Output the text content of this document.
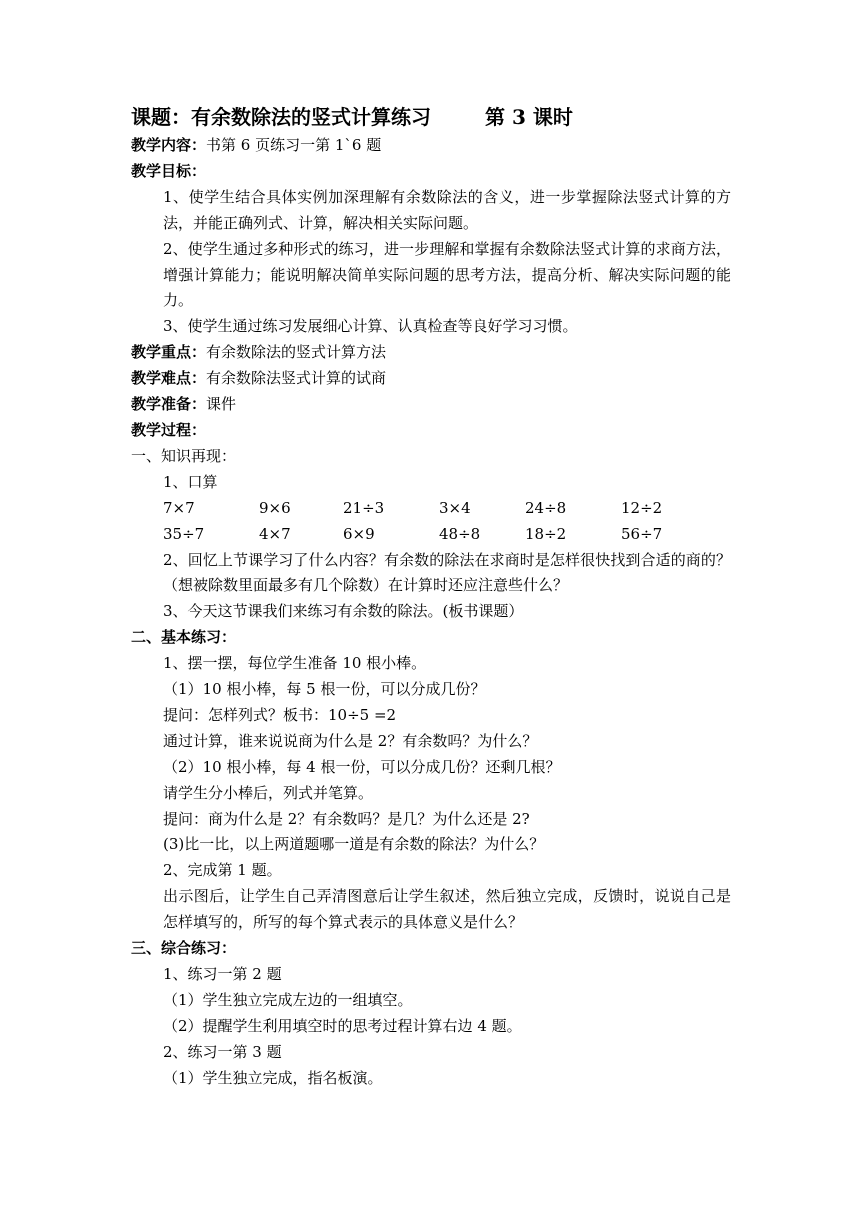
课题：有余数除法的竖式计算练习	第 3 课时
教学内容：书第 6 页练习一第 1`6 题
教学目标：
1、使学生结合具体实例加深理解有余数除法的含义，进一步掌握除法竖式计算的方法，并能正确列式、计算，解决相关实际问题。
2、使学生通过多种形式的练习，进一步理解和掌握有余数除法竖式计算的求商方法，增强计算能力；能说明解决简单实际问题的思考方法，提高分析、解决实际问题的能力。
3、使学生通过练习发展细心计算、认真检查等良好学习习惯。
教学重点：有余数除法的竖式计算方法
教学难点：有余数除法竖式计算的试商
教学准备：课件
教学过程：
一、知识再现：
1、口算
7×7	9×6	21÷3	3×4	24÷8	12÷2
35÷7	4×7	6×9	48÷8	18÷2	56÷7
2、回忆上节课学习了什么内容？有余数的除法在求商时是怎样很快找到合适的商的？（想被除数里面最多有几个除数）在计算时还应注意些什么？
3、今天这节课我们来练习有余数的除法。(板书课题）
二、基本练习：
1、摆一摆，每位学生准备 10 根小棒。
（1）10 根小棒，每 5 根一份，可以分成几份？
提问：怎样列式？板书：10÷5 =2
通过计算，谁来说说商为什么是 2？有余数吗？为什么？
（2）10 根小棒，每 4 根一份，可以分成几份？还剩几根？
请学生分小棒后，列式并笔算。
提问：商为什么是 2？有余数吗？是几？为什么还是 2?
(3)比一比，以上两道题哪一道是有余数的除法？为什么？
2、完成第 1 题。
出示图后，让学生自己弄清图意后让学生叙述，然后独立完成，反馈时，说说自己是怎样填写的，所写的每个算式表示的具体意义是什么？
三、综合练习：
1、练习一第 2 题
（1）学生独立完成左边的一组填空。
（2）提醒学生利用填空时的思考过程计算右边 4 题。
2、练习一第 3 题
（1）学生独立完成，指名板演。
